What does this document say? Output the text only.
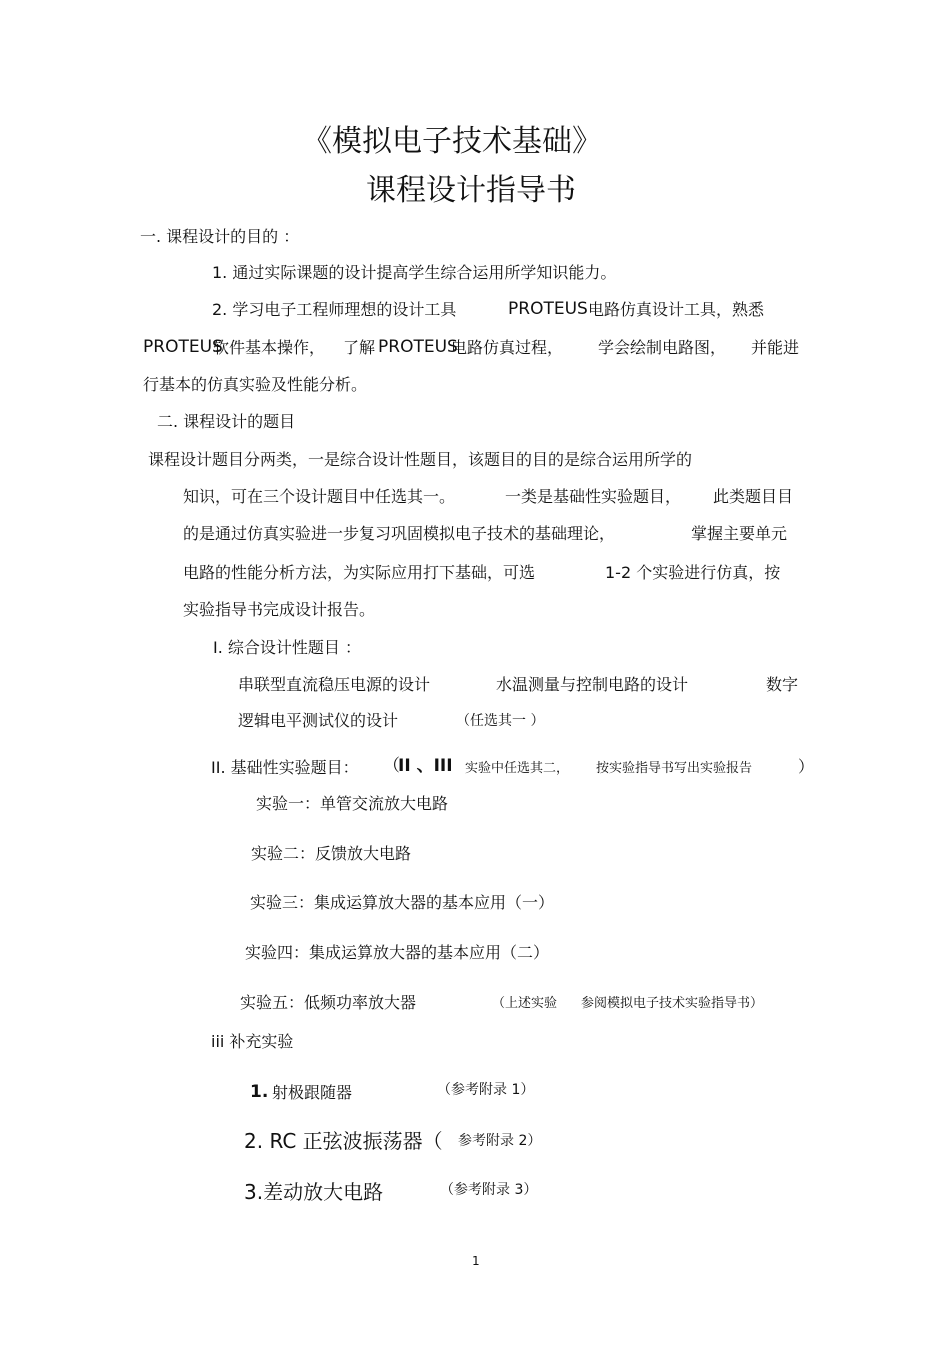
《模拟电子技术基础》
课程设计指导书
一. 课程设计的目的 ：
1. 通过实际课题的设计提高学生综合运用所学知识能力。
2. 学习电子工程师理想的设计工具	PROTEUS 电路仿真设计工具，熟悉
PROTEUS
软件基本操作， 了解 PROTEUS
电路仿真过程， 学会绘制电路图， 并能进
行基本的仿真实验及性能分析。
二. 课程设计的题目
课程设计题目分两类，一是综合设计性题目，该题目的目的是综合运用所学的
知识，可在三个设计题目中任选其一。	一类是基础性实验题目， 此类题目目
的是通过仿真实验进一步复习巩固模拟电子技术的基础理论，	掌握主要单元
电路的性能分析方法，为实际应用打下基础，可选	1-2 个实验进行仿真，按
实验指导书完成设计报告。
I. 综合设计性题目 ：
串联型直流稳压电源的设计	水温测量与控制电路的设计	数字
逻辑电平测试仪的设计	（任选其一 ）
II. 基础性实验题目： （
II 、III 实验中任选其二， 按实验指导书写出实验报告	）
实验一：单管交流放大电路
实验二：反馈放大电路
实验三：集成运算放大器的基本应用（一）
实验四：集成运算放大器的基本应用（二）
实验五：低频功率放大器	（上述实验 参阅模拟电子技术实验指导书）
iii 补充实验
1. 射极跟随器	（参考附录 1）
2. RC 正弦波振荡器（ 参考附录 2）
3.差动放大电路	（参考附录 3）
1
